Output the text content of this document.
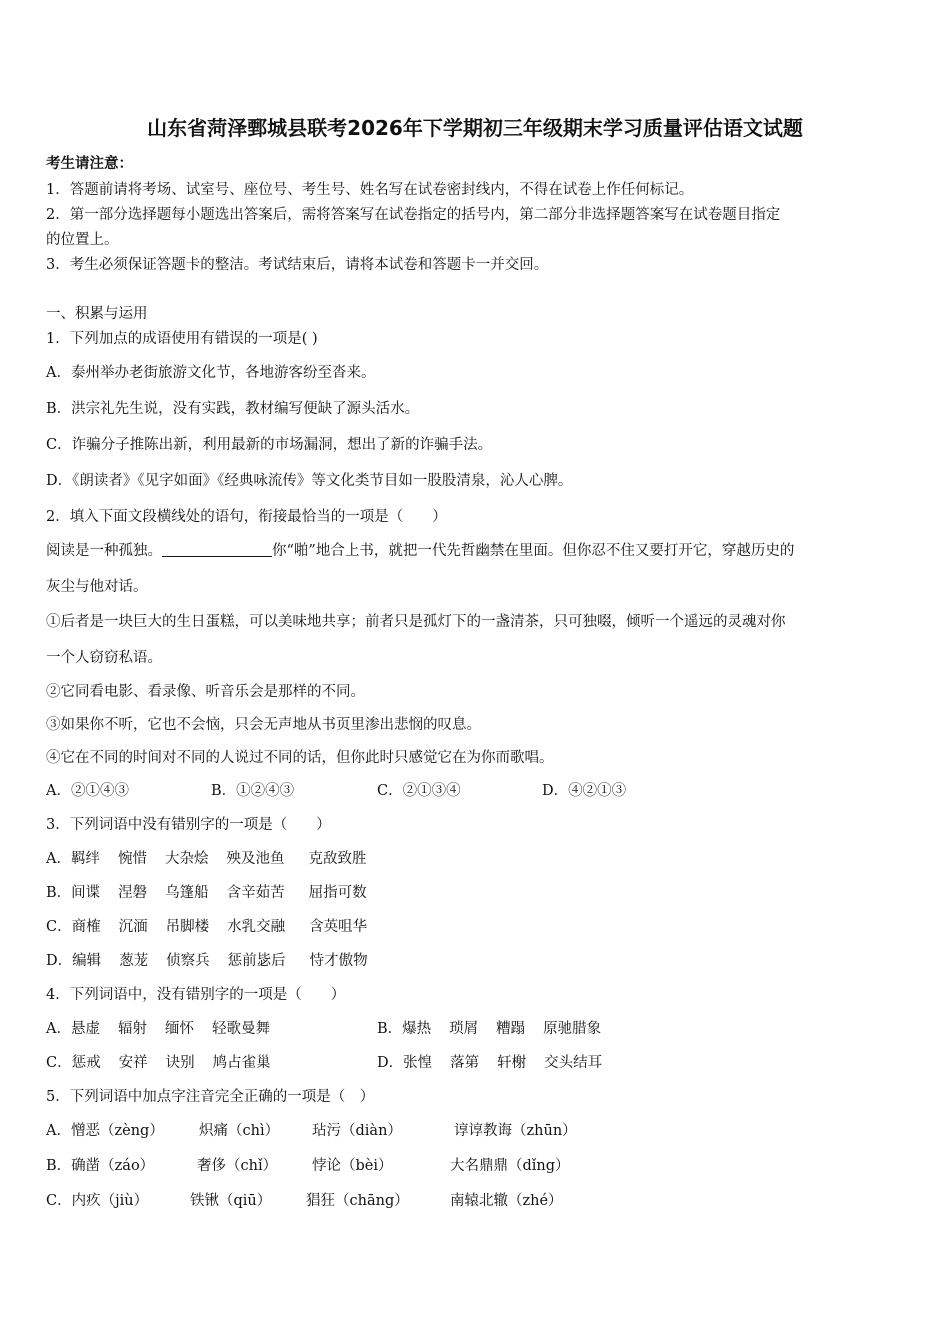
山东省菏泽鄄城县联考2026年下学期初三年级期末学习质量评估语文试题
考生请注意：
1．答题前请将考场、试室号、座位号、考生号、姓名写在试卷密封线内，不得在试卷上作任何标记。
2．第一部分选择题每小题选出答案后，需将答案写在试卷指定的括号内，第二部分非选择题答案写在试卷题目指定
的位置上。
3．考生必须保证答题卡的整洁。考试结束后，请将本试卷和答题卡一并交回。
一、积累与运用
1．下列加点的成语使用有错误的一项是( )
A．泰州举办老街旅游文化节，各地游客纷至沓来。
B．洪宗礼先生说，没有实践，教材编写便缺了源头活水。
C．诈骗分子推陈出新，利用最新的市场漏洞，想出了新的诈骗手法。
D．《朗读者》《见字如面》《经典咏流传》等文化类节目如一股股清泉，沁人心脾。
2．填入下面文段横线处的语句，衔接最恰当的一项是（　　）
阅读是一种孤独。	你“啪”地合上书，就把一代先哲幽禁在里面。但你忍不住又要打开它，穿越历史的
灰尘与他对话。
①后者是一块巨大的生日蛋糕，可以美味地共享；前者只是孤灯下的一盏清茶，只可独啜，倾听一个遥远的灵魂对你
一个人窃窃私语。
②它同看电影、看录像、听音乐会是那样的不同。
③如果你不听，它也不会恼，只会无声地从书页里渗出悲悯的叹息。
④它在不同的时间对不同的人说过不同的话，但你此时只感觉它在为你而歌唱。
A．②①④③	B．①②④③	C．②①③④	D．④②①③
3．下列词语中没有错别字的一项是（　　）
A．羁绊 惋惜 大杂烩 殃及池鱼 克敌致胜
B．间谍 涅磐 乌篷船 含辛茹苦 屈指可数
C．商榷 沉湎 吊脚楼 水乳交融 含英咀华
D．编辑 葱茏 侦察兵 惩前毖后 恃才傲物
4．下列词语中，没有错别字的一项是（　　）
A．悬虚 辐射 缅怀 轻歌曼舞	B．爆热 琐屑 糟蹋 原驰腊象
C．惩戒 安祥 诀别 鸠占雀巢	D．张惶 落第 轩榭 交头结耳
5．下列词语中加点字注音完全正确的一项是（　）
A．憎恶（zèng） 炽痛（chì） 玷污（diàn）	谆谆教诲（zhūn）
B．确凿（záo）	奢侈（chǐ） 悖论（bèi）	大名鼎鼎（dǐng）
C．内疚（jiù）	铁锹（qiū） 猖狂（chāng）	南辕北辙（zhé）
